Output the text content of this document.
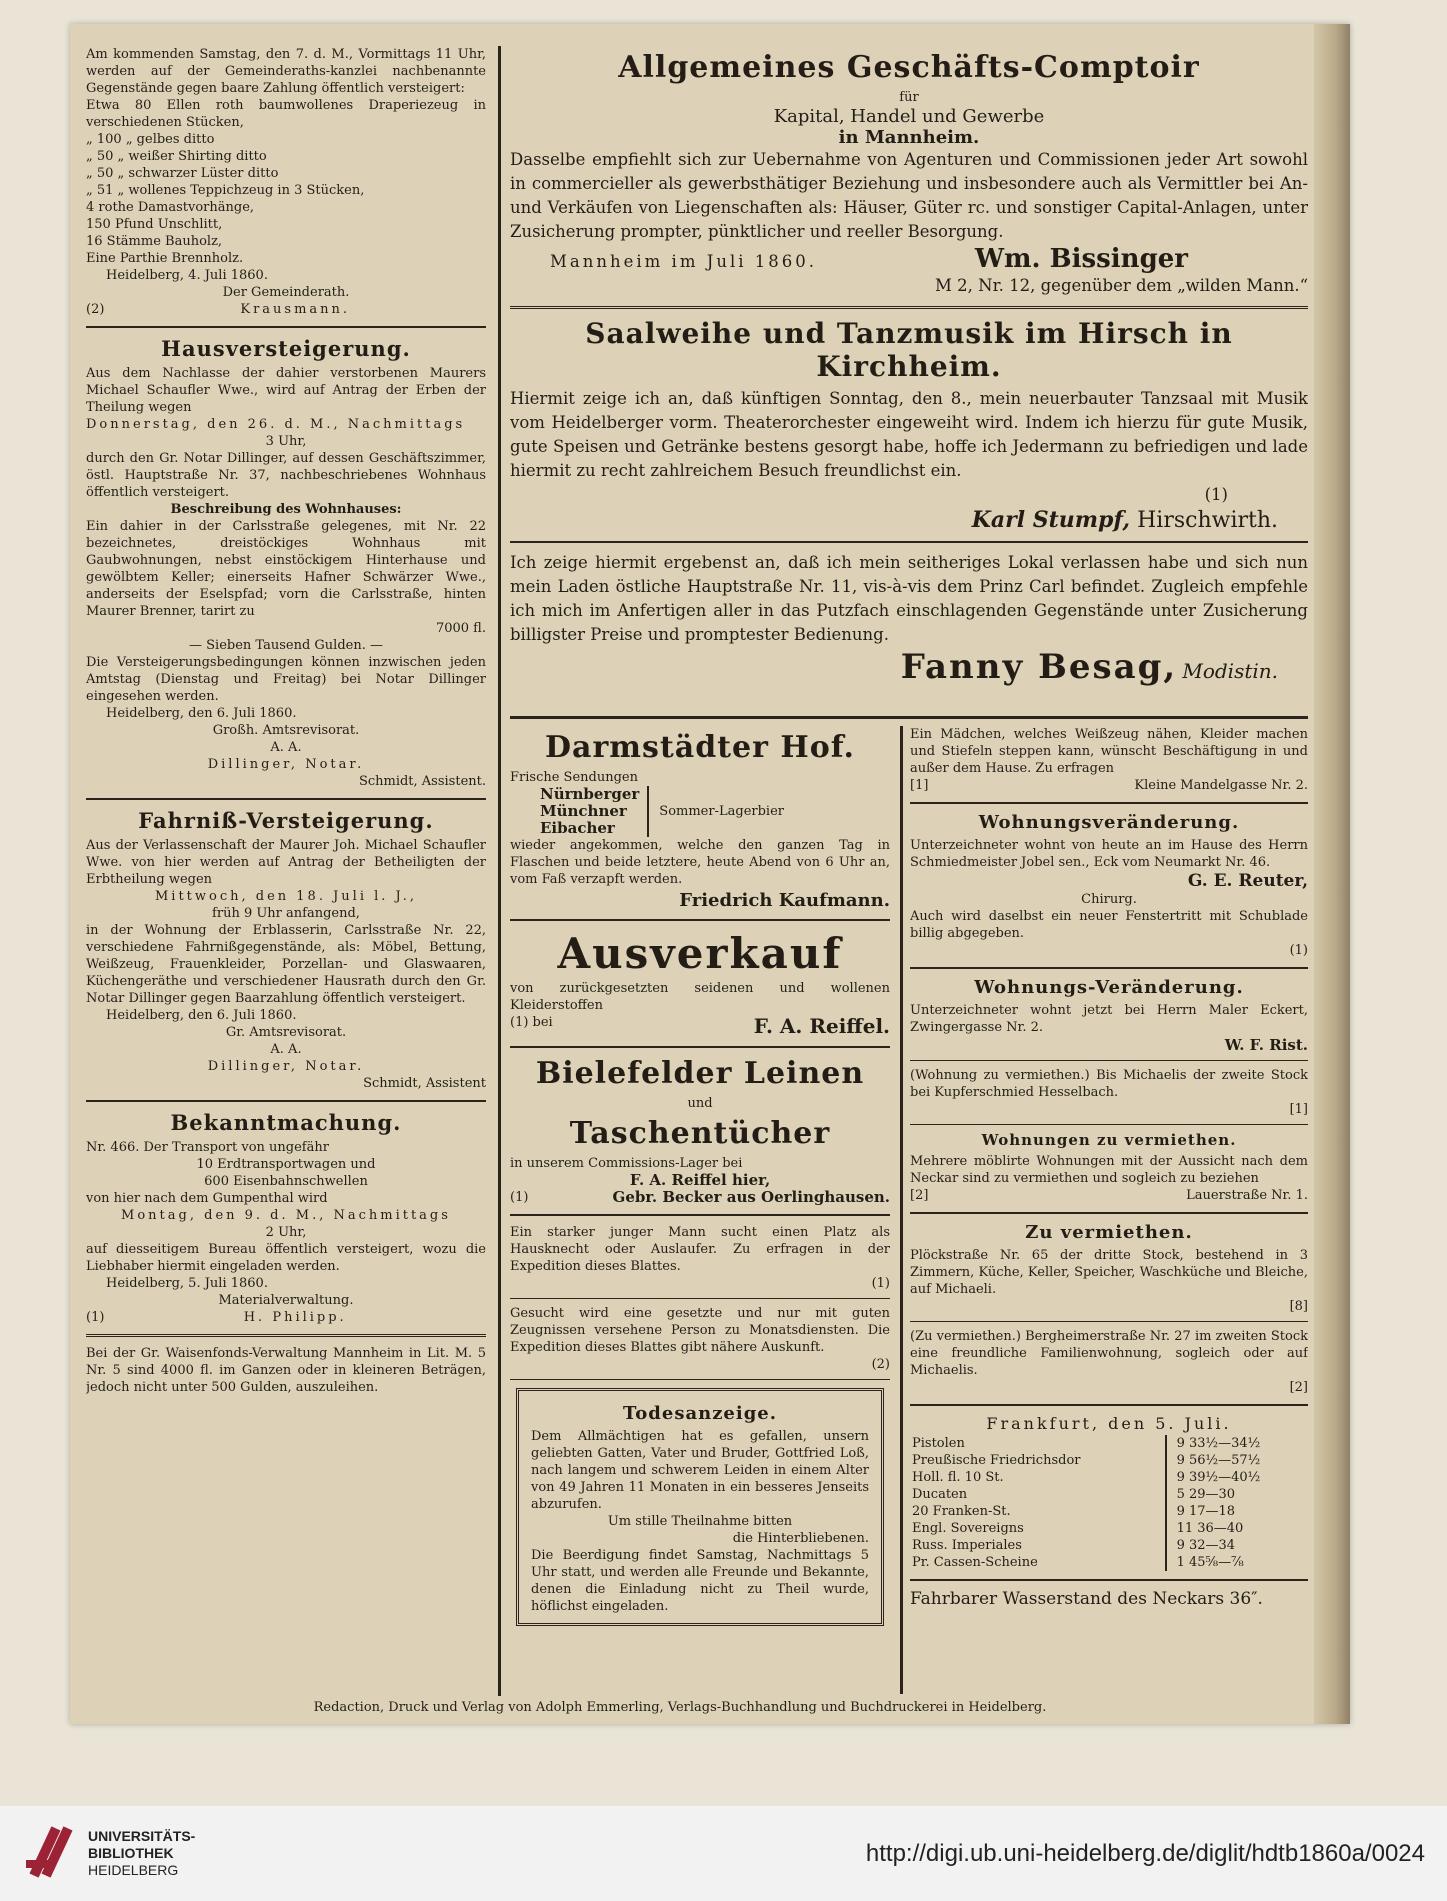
Am kommenden Samstag, den 7. d. M., Vormittags 11 Uhr, werden auf der Gemeinderaths-kanzlei nachbenannte Gegenstände gegen baare Zahlung öffentlich versteigert:

Etwa 80 Ellen roth baumwollenes Draperiezeug in verschiedenen Stücken,

„ 100 „ gelbes ditto

„ 50 „ weißer Shirting ditto

„ 50 „ schwarzer Lüster ditto

„ 51 „ wollenes Teppichzeug in 3 Stücken,

4 rothe Damastvorhänge,

150 Pfund Unschlitt,

16 Stämme Bauholz,

Eine Parthie Brennholz.

Heidelberg, 4. Juli 1860.

Der Gemeinderath.

(2)	Krausmann.
Hausversteigerung.

Aus dem Nachlasse der dahier verstorbenen Maurers Michael Schaufler Wwe., wird auf Antrag der Erben der Theilung wegen

Donnerstag, den 26. d. M., Nachmittags

3 Uhr,

durch den Gr. Notar Dillinger, auf dessen Geschäftszimmer, östl. Hauptstraße Nr. 37, nachbeschriebenes Wohnhaus öffentlich versteigert.

Beschreibung des Wohnhauses:

Ein dahier in der Carlsstraße gelegenes, mit Nr. 22 bezeichnetes, dreistöckiges Wohnhaus mit Gaubwohnungen, nebst einstöckigem Hinterhause und gewölbtem Keller; einerseits Hafner Schwärzer Wwe., anderseits der Eselspfad; vorn die Carlsstraße, hinten Maurer Brenner, tarirt zu

7000 fl.

— Sieben Tausend Gulden. —

Die Versteigerungsbedingungen können inzwischen jeden Amtstag (Dienstag und Freitag) bei Notar Dillinger eingesehen werden.

Heidelberg, den 6. Juli 1860.

Großh. Amtsrevisorat.

A. A.

Dillinger, Notar.

Schmidt, Assistent.

Fahrniß-Versteigerung.

Aus der Verlassenschaft der Maurer Joh. Michael Schaufler Wwe. von hier werden auf Antrag der Betheiligten der Erbtheilung wegen

Mittwoch, den 18. Juli l. J.,

früh 9 Uhr anfangend,

in der Wohnung der Erblasserin, Carlsstraße Nr. 22, verschiedene Fahrnißgegenstände, als: Möbel, Bettung, Weißzeug, Frauenkleider, Porzellan- und Glaswaaren, Küchengeräthe und verschiedener Hausrath durch den Gr. Notar Dillinger gegen Baarzahlung öffentlich versteigert.

Heidelberg, den 6. Juli 1860.

Gr. Amtsrevisorat.

A. A.

Dillinger, Notar.

Schmidt, Assistent

Bekanntmachung.

Nr. 466. Der Transport von ungefähr

10 Erdtransportwagen und

600 Eisenbahnschwellen

von hier nach dem Gumpenthal wird

Montag, den 9. d. M., Nachmittags

2 Uhr,

auf diesseitigem Bureau öffentlich versteigert, wozu die Liebhaber hiermit eingeladen werden.

Heidelberg, 5. Juli 1860.

Materialverwaltung.

(1)	H. Philipp.

Bei der Gr. Waisenfonds-Verwaltung Mannheim in Lit. M. 5 Nr. 5 sind 4000 fl. im Ganzen oder in kleineren Beträgen, jedoch nicht unter 500 Gulden, auszuleihen.

Allgemeines Geschäfts-Comptoir

für

Kapital, Handel und Gewerbe

in Mannheim.

Dasselbe empfiehlt sich zur Uebernahme von Agenturen und Commissionen jeder Art sowohl in commercieller als gewerbsthätiger Beziehung und insbesondere auch als Vermittler bei An- und Verkäufen von Liegenschaften als: Häuser, Güter rc. und sonstiger Capital-Anlagen, unter Zusicherung prompter, pünktlicher und reeller Besorgung.

Mannheim im Juli 1860.	Wm. Bissinger

M 2, Nr. 12, gegenüber dem „wilden Mann.“

Saalweihe und Tanzmusik im Hirsch in Kirchheim.

Hiermit zeige ich an, daß künftigen Sonntag, den 8., mein neuerbauter Tanzsaal mit Musik vom Heidelberger vorm. Theaterorchester eingeweiht wird. Indem ich hierzu für gute Musik, gute Speisen und Getränke bestens gesorgt habe, hoffe ich Jedermann zu befriedigen und lade hiermit zu recht zahlreichem Besuch freundlichst ein.

(1)

Karl Stumpf, Hirschwirth.

Ich zeige hiermit ergebenst an, daß ich mein seitheriges Lokal verlassen habe und sich nun mein Laden östliche Hauptstraße Nr. 11, vis-à-vis dem Prinz Carl befindet. Zugleich empfehle ich mich im Anfertigen aller in das Putzfach einschlagenden Gegenstände unter Zusicherung billigster Preise und promptester Bedienung.

Fanny Besag, Modistin.
Darmstädter Hof.

Frische Sendungen

Nürnberger

Münchner

Eibacher

Sommer-Lagerbier

wieder angekommen, welche den ganzen Tag in Flaschen und beide letztere, heute Abend von 6 Uhr an, vom Faß verzapft werden.

Friedrich Kaufmann.

Ausverkauf

von zurückgesetzten seidenen und wollenen Kleiderstoffen

(1) bei	F. A. Reiffel.
Bielefelder Leinen

und

Taschentücher

in unserem Commissions-Lager bei

F. A. Reiffel hier,

(1)	Gebr. Becker aus Oerlinghausen.

Ein starker junger Mann sucht einen Platz als Hausknecht oder Auslaufer. Zu erfragen in der Expedition dieses Blattes.

(1)

Gesucht wird eine gesetzte und nur mit guten Zeugnissen versehene Person zu Monatsdiensten. Die Expedition dieses Blattes gibt nähere Auskunft.

(2)

Todesanzeige.

Dem Allmächtigen hat es gefallen, unsern geliebten Gatten, Vater und Bruder, Gottfried Loß, nach langem und schwerem Leiden in einem Alter von 49 Jahren 11 Monaten in ein besseres Jenseits abzurufen.

Um stille Theilnahme bitten

die Hinterbliebenen.

Die Beerdigung findet Samstag, Nachmittags 5 Uhr statt, und werden alle Freunde und Bekannte, denen die Einladung nicht zu Theil wurde, höflichst eingeladen.

Ein Mädchen, welches Weißzeug nähen, Kleider machen und Stiefeln steppen kann, wünscht Beschäftigung in und außer dem Hause. Zu erfragen

[1]	Kleine Mandelgasse Nr. 2.
Wohnungsveränderung.

Unterzeichneter wohnt von heute an im Hause des Herrn Schmiedmeister Jobel sen., Eck vom Neumarkt Nr. 46.

G. E. Reuter,

Chirurg.

Auch wird daselbst ein neuer Fenstertritt mit Schublade billig abgegeben.

(1)

Wohnungs-Veränderung.

Unterzeichneter wohnt jetzt bei Herrn Maler Eckert, Zwingergasse Nr. 2.

W. F. Rist.

(Wohnung zu vermiethen.) Bis Michaelis der zweite Stock bei Kupferschmied Hesselbach.

[1]

Wohnungen zu vermiethen.

Mehrere möblirte Wohnungen mit der Aussicht nach dem Neckar sind zu vermiethen und sogleich zu beziehen

[2]	Lauerstraße Nr. 1.
Zu vermiethen.

Plöckstraße Nr. 65 der dritte Stock, bestehend in 3 Zimmern, Küche, Keller, Speicher, Waschküche und Bleiche, auf Michaeli.

[8]

(Zu vermiethen.) Bergheimerstraße Nr. 27 im zweiten Stock eine freundliche Familienwohnung, sogleich oder auf Michaelis.

[2]

Frankfurt, den 5. Juli.

Pistolen	9 33½—34½
Preußische Friedrichsdor	9 56½—57½
Holl. fl. 10 St.	9 39½—40½
Ducaten	5 29—30
20 Franken-St.	9 17—18
Engl. Sovereigns	11 36—40
Russ. Imperiales	9 32—34
Pr. Cassen-Scheine	1 45⅝—⅞

Fahrbarer Wasserstand des Neckars 36″.

Redaction, Druck und Verlag von Adolph Emmerling, Verlags-Buchhandlung und Buchdruckerei in Heidelberg.
UNIVERSITÄTS-
BIBLIOTHEK
HEIDELBERG
http://digi.ub.uni-heidelberg.de/diglit/hdtb1860a/0024
